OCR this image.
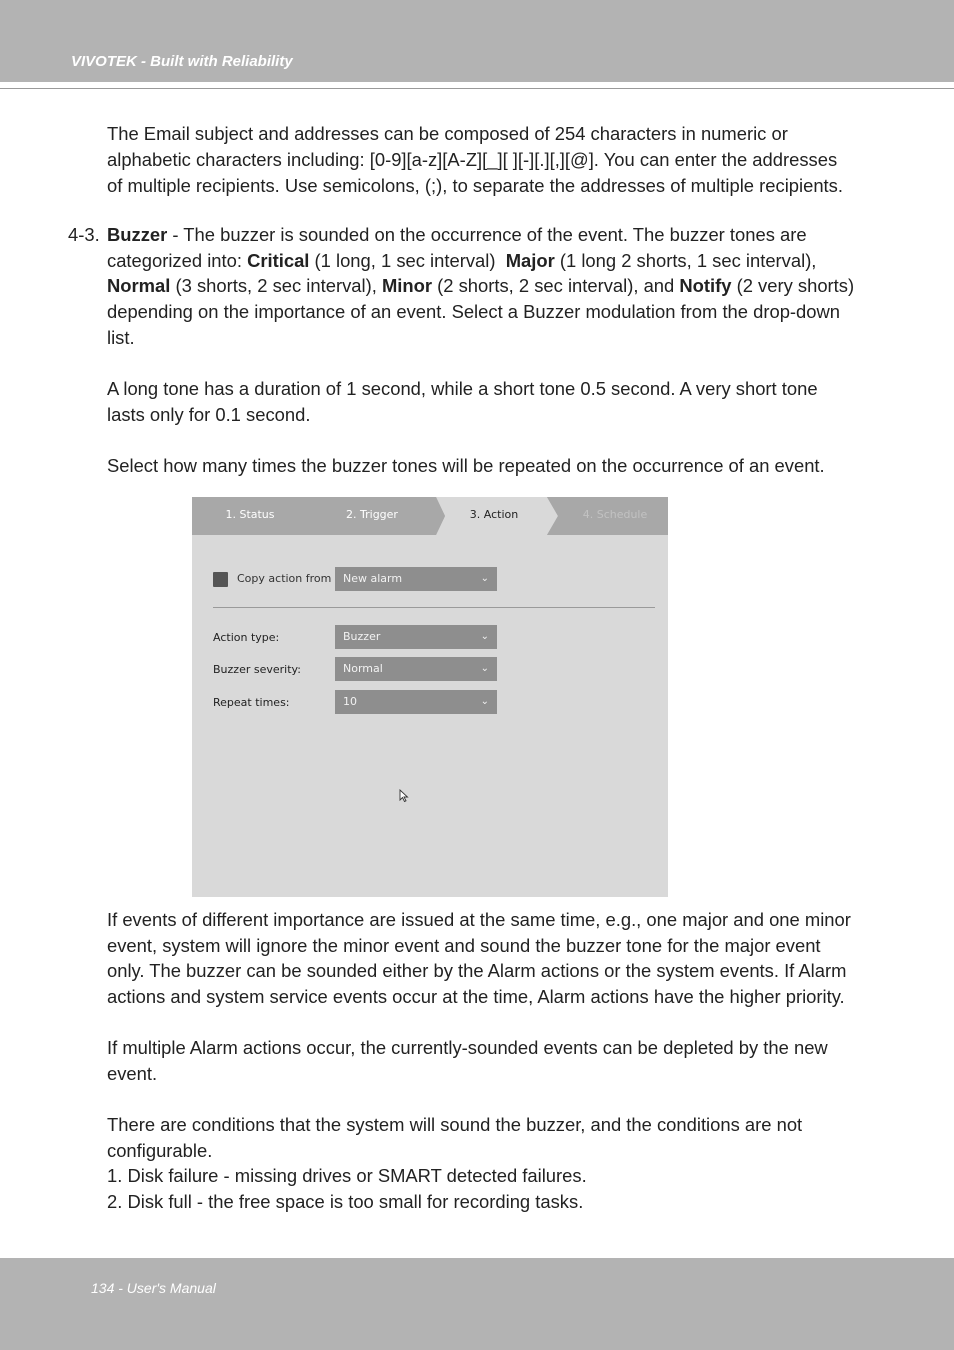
VIVOTEK - Built with Reliability
The Email subject and addresses can be composed of 254 characters in numeric or
alphabetic characters including: [0-9][a-z][A-Z][_][ ][-][.][,][@]. You can enter the addresses
of multiple recipients. Use semicolons, (;), to separate the addresses of multiple recipients.
4-3. Buzzer - The buzzer is sounded on the occurrence of the event. The buzzer tones are
categorized into: Critical (1 long, 1 sec interval)  Major (1 long 2 shorts, 1 sec interval),
Normal (3 shorts, 2 sec interval), Minor (2 shorts, 2 sec interval), and Notify (2 very shorts)
depending on the importance of an event. Select a Buzzer modulation from the drop-down
list.
A long tone has a duration of 1 second, while a short tone 0.5 second. A very short tone
lasts only for 0.1 second.
Select how many times the buzzer tones will be repeated on the occurrence of an event.
1. Status	2. Trigger	3. Action	4. Schedule
Copy action from	New alarm	⌄
Action type:	Buzzer	⌄
Buzzer severity:	Normal	⌄
Repeat times:	10	⌄
If events of different importance are issued at the same time, e.g., one major and one minor
event, system will ignore the minor event and sound the buzzer tone for the major event
only. The buzzer can be sounded either by the Alarm actions or the system events. If Alarm
actions and system service events occur at the time, Alarm actions have the higher priority.
If multiple Alarm actions occur, the currently-sounded events can be depleted by the new
event.
There are conditions that the system will sound the buzzer, and the conditions are not
configurable.
1. Disk failure - missing drives or SMART detected failures.
2. Disk full - the free space is too small for recording tasks.
134 - User's Manual
